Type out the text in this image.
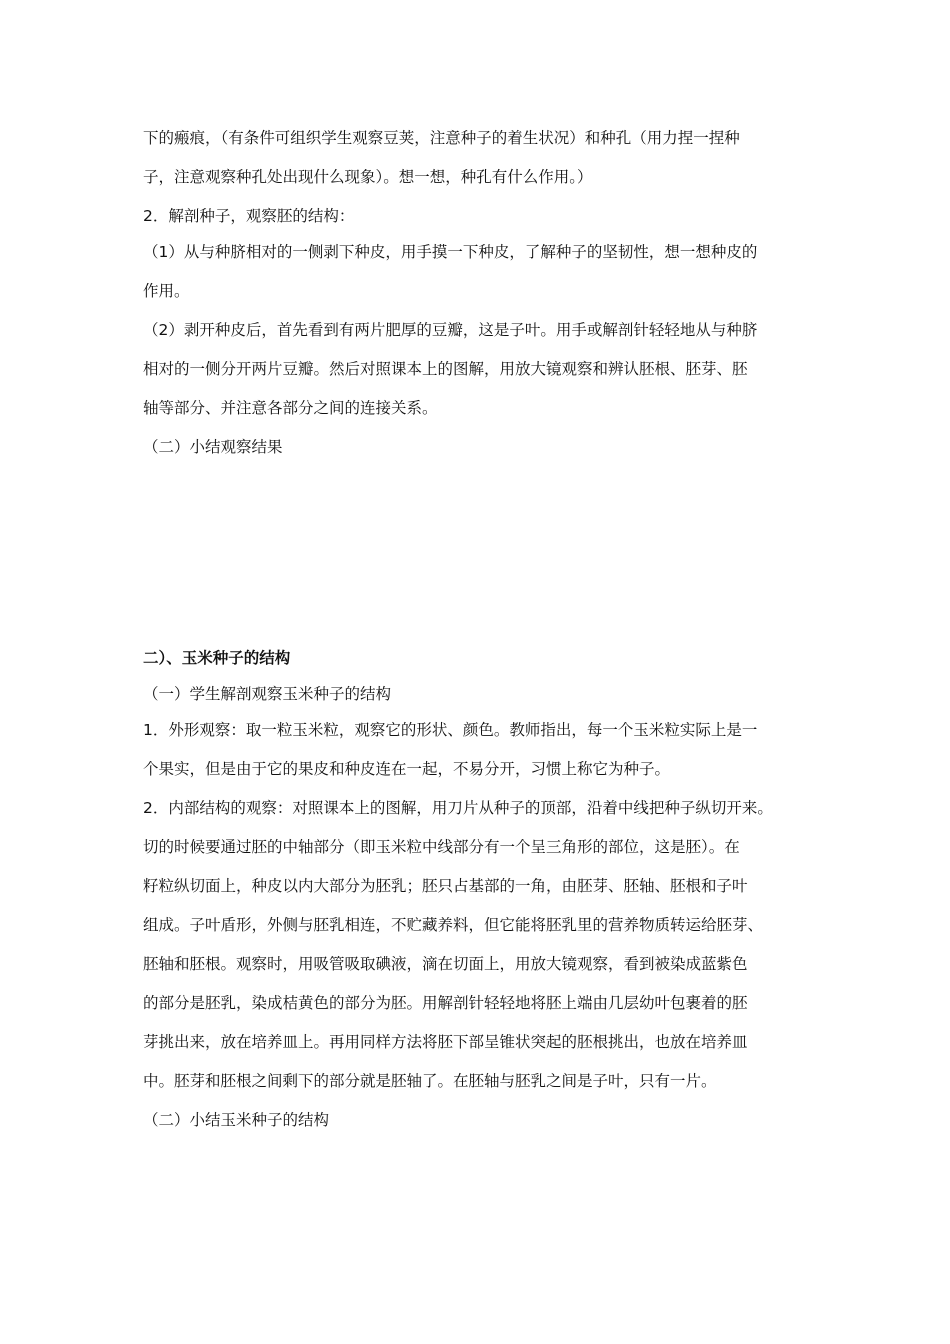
下的瘢痕，（有条件可组织学生观察豆荚，注意种子的着生状况）和种孔（用力捏一捏种
子，注意观察种孔处出现什么现象）。想一想，种孔有什么作用。）
2．解剖种子，观察胚的结构：
（1）从与种脐相对的一侧剥下种皮，用手摸一下种皮，了解种子的坚韧性，想一想种皮的
作用。
（2）剥开种皮后，首先看到有两片肥厚的豆瓣，这是子叶。用手或解剖针轻轻地从与种脐
相对的一侧分开两片豆瓣。然后对照课本上的图解，用放大镜观察和辨认胚根、胚芽、胚
轴等部分、并注意各部分之间的连接关系。
（二）小结观察结果
二）、玉米种子的结构
（一）学生解剖观察玉米种子的结构
1．外形观察：取一粒玉米粒，观察它的形状、颜色。教师指出，每一个玉米粒实际上是一
个果实，但是由于它的果皮和种皮连在一起，不易分开，习惯上称它为种子。
2．内部结构的观察：对照课本上的图解，用刀片从种子的顶部，沿着中线把种子纵切开来。
切的时候要通过胚的中轴部分（即玉米粒中线部分有一个呈三角形的部位，这是胚）。在
籽粒纵切面上，种皮以内大部分为胚乳；胚只占基部的一角，由胚芽、胚轴、胚根和子叶
组成。子叶盾形，外侧与胚乳相连，不贮藏养料，但它能将胚乳里的营养物质转运给胚芽、
胚轴和胚根。观察时，用吸管吸取碘液，滴在切面上，用放大镜观察，看到被染成蓝紫色
的部分是胚乳，染成桔黄色的部分为胚。用解剖针轻轻地将胚上端由几层幼叶包裹着的胚
芽挑出来，放在培养皿上。再用同样方法将胚下部呈锥状突起的胚根挑出，也放在培养皿
中。胚芽和胚根之间剩下的部分就是胚轴了。在胚轴与胚乳之间是子叶，只有一片。
（二）小结玉米种子的结构
